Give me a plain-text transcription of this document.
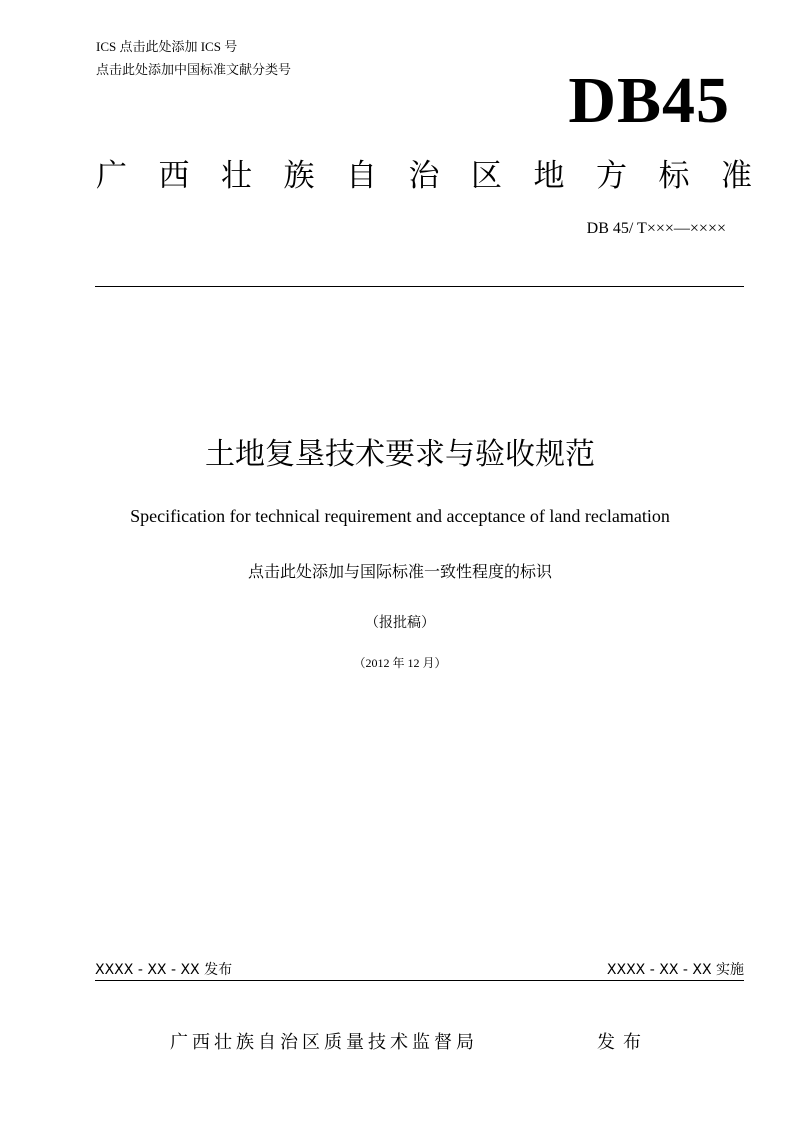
ICS 点击此处添加 ICS 号
点击此处添加中国标准文献分类号	DB45
广 西 壮 族 自 治 区 地 方 标 准
DB 45/ T×××—××××
土地复垦技术要求与验收规范
Specification for technical requirement and acceptance of land reclamation
点击此处添加与国际标准一致性程度的标识
（报批稿）
（2012 年 12 月）
XXXX - XX - XX 发布	XXXX - XX - XX 实施
广西壮族自治区质量技术监督局	发布
